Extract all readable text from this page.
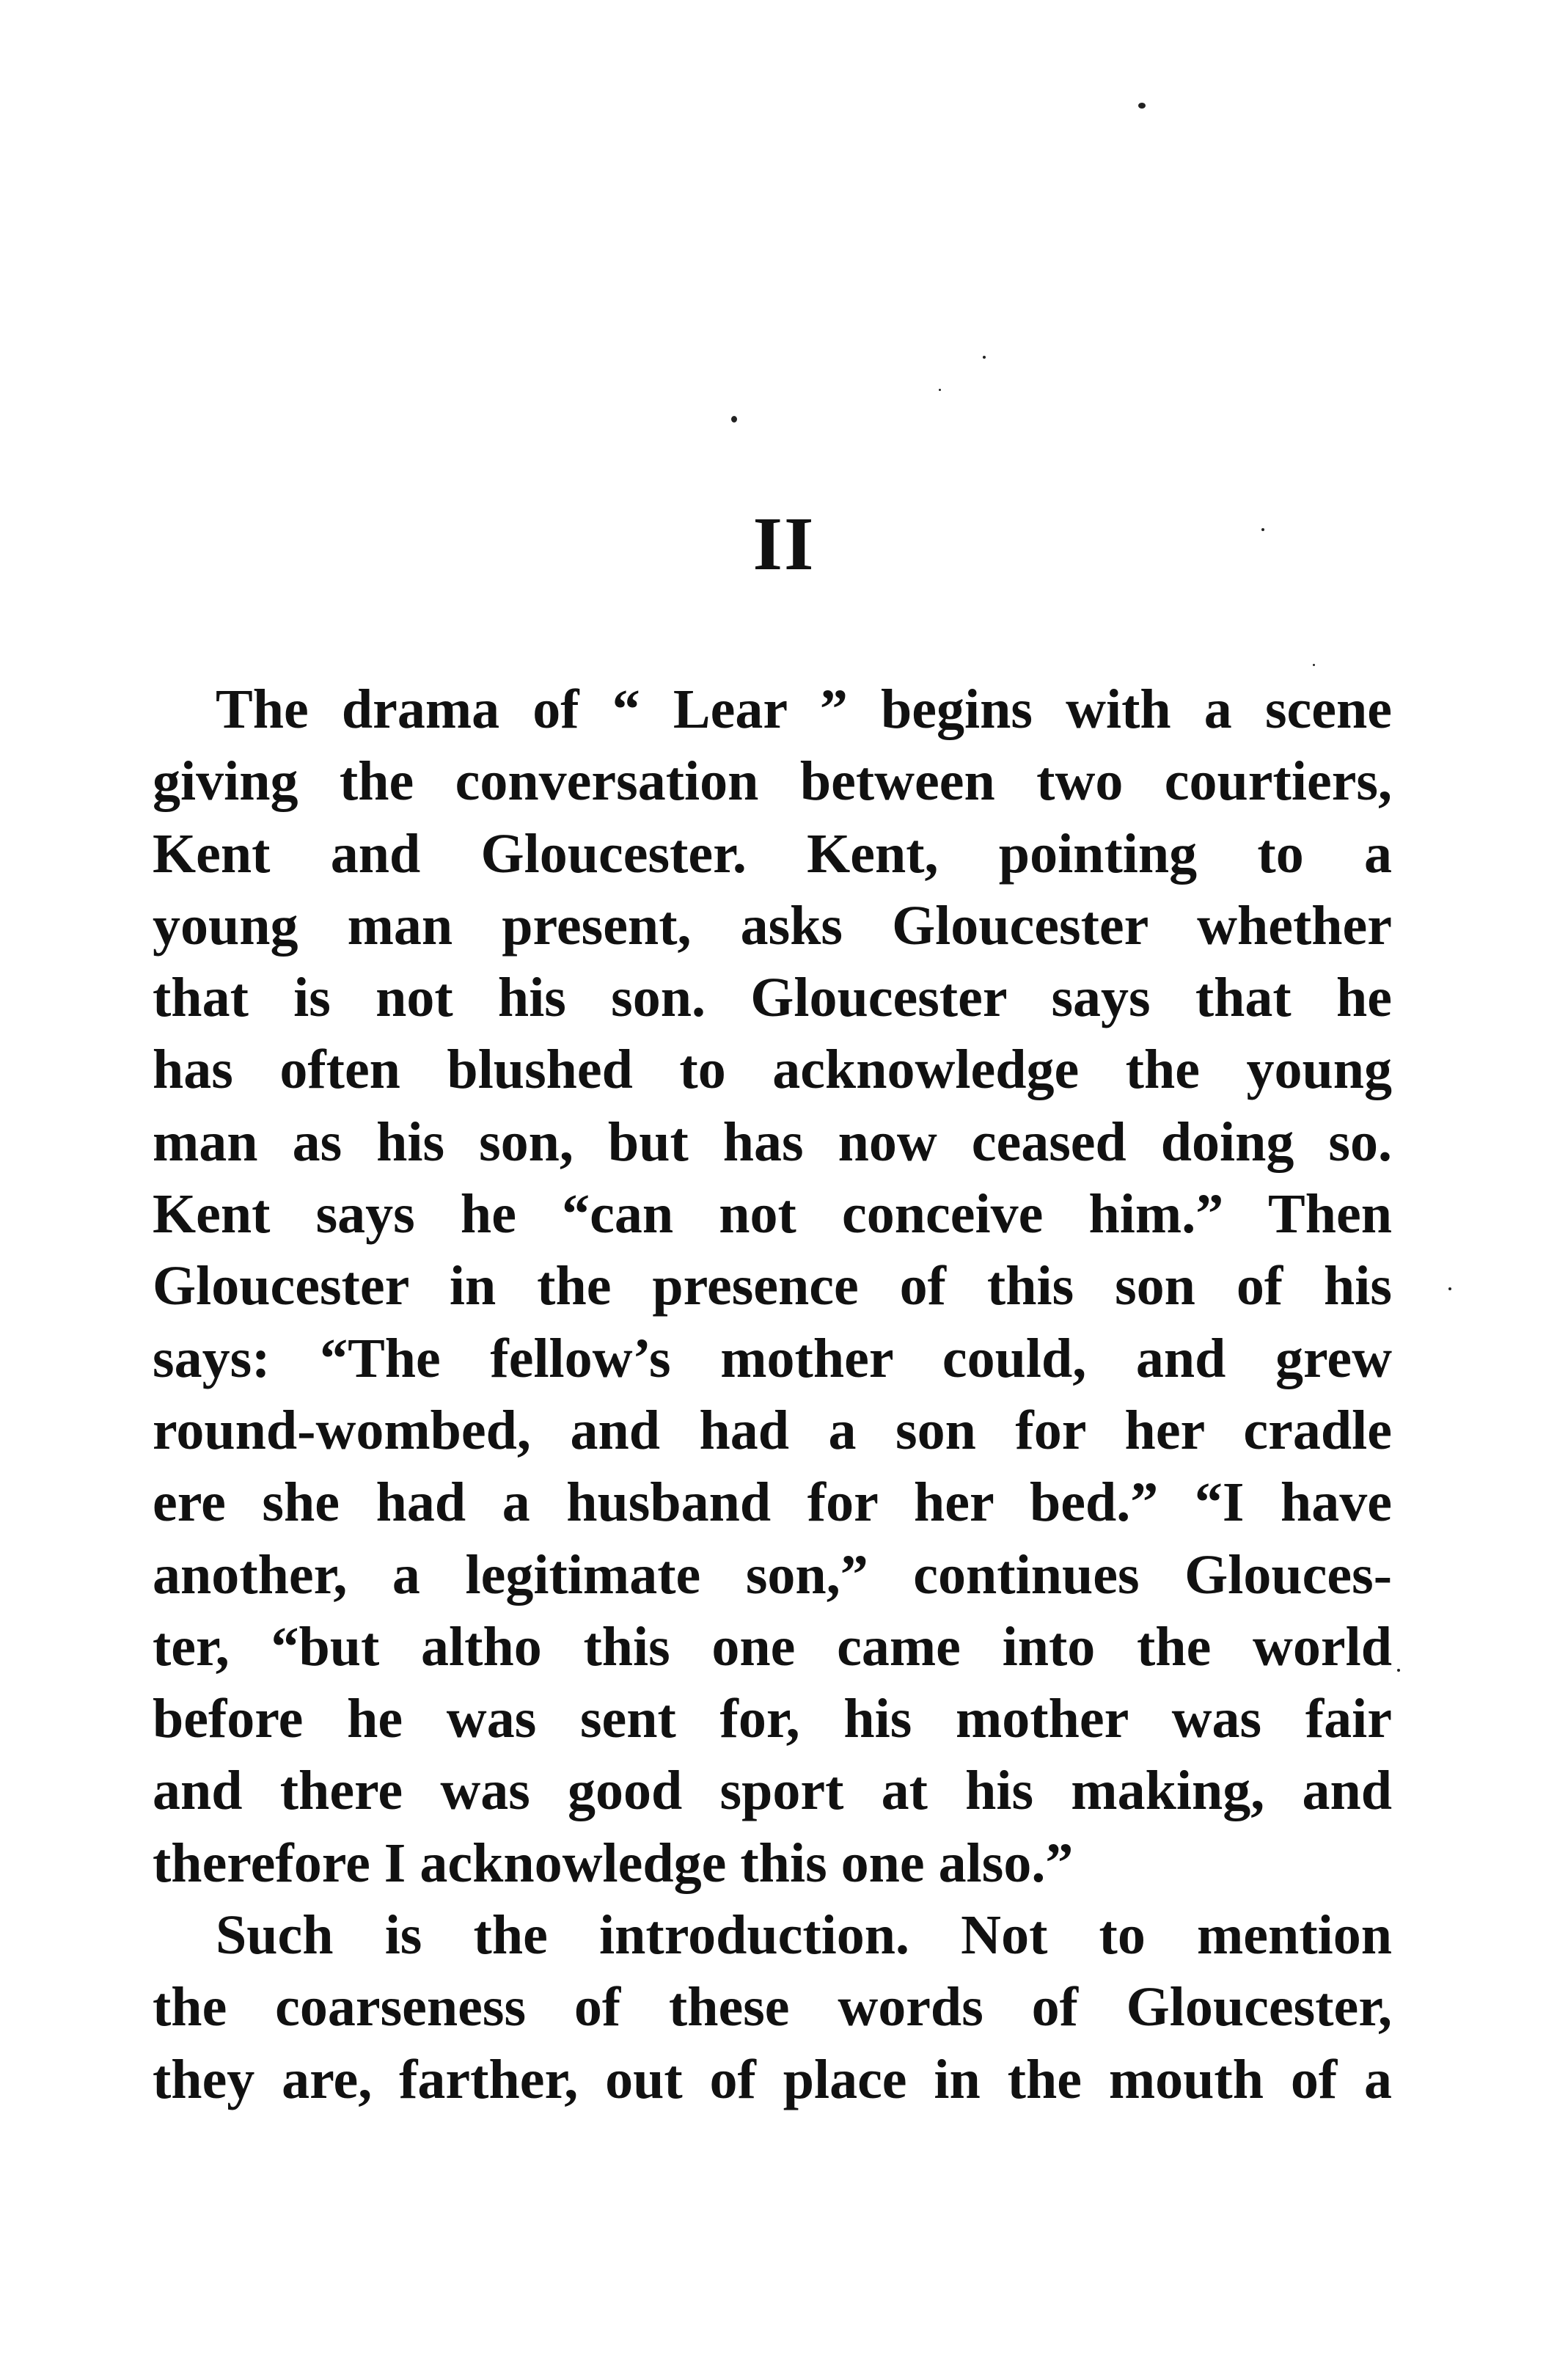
II
The drama of “ Lear ” begins with a scene
giving the conversation between two courtiers,
Kent and Gloucester. Kent, pointing to a
young man present, asks Gloucester whether
that is not his son. Gloucester says that he
has often blushed to acknowledge the young
man as his son, but has now ceased doing so.
Kent says he “can not conceive him.” Then
Gloucester in the presence of this son of his
says: “The fellow’s mother could, and grew
round-wombed, and had a son for her cradle
ere she had a husband for her bed.” “I have
another, a legitimate son,” continues Glouces-
ter, “but altho this one came into the world
before he was sent for, his mother was fair
and there was good sport at his making, and
therefore I acknowledge this one also.”
Such is the introduction. Not to mention
the coarseness of these words of Gloucester,
they are, farther, out of place in the mouth of a
